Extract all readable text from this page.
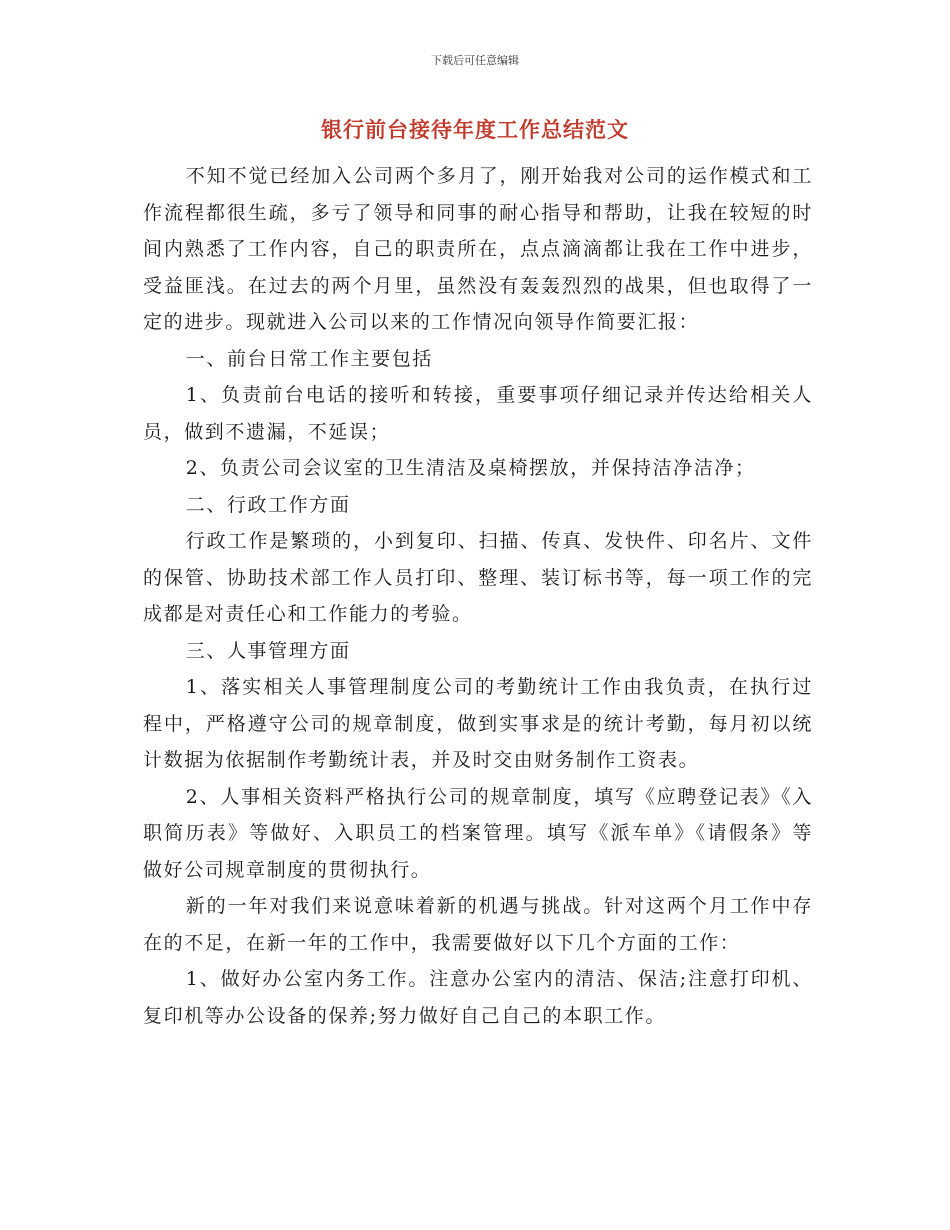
下载后可任意编辑
银行前台接待年度工作总结范文

不知不觉已经加入公司两个多月了，刚开始我对公司的运作模式和工作流程都很生疏，多亏了领导和同事的耐心指导和帮助，让我在较短的时间内熟悉了工作内容，自己的职责所在，点点滴滴都让我在工作中进步，受益匪浅。在过去的两个月里，虽然没有轰轰烈烈的战果，但也取得了一定的进步。现就进入公司以来的工作情况向领导作简要汇报：

一、前台日常工作主要包括

1、负责前台电话的接听和转接，重要事项仔细记录并传达给相关人员，做到不遗漏，不延误；

2、负责公司会议室的卫生清洁及桌椅摆放，并保持洁净洁净；

二、行政工作方面

行政工作是繁琐的，小到复印、扫描、传真、发快件、印名片、文件的保管、协助技术部工作人员打印、整理、装订标书等，每一项工作的完成都是对责任心和工作能力的考验。

三、人事管理方面

1、落实相关人事管理制度公司的考勤统计工作由我负责，在执行过程中，严格遵守公司的规章制度，做到实事求是的统计考勤，每月初以统计数据为依据制作考勤统计表，并及时交由财务制作工资表。

2、人事相关资料严格执行公司的规章制度，填写《应聘登记表》《入职简历表》等做好、入职员工的档案管理。填写《派车单》《请假条》等做好公司规章制度的贯彻执行。

新的一年对我们来说意味着新的机遇与挑战。针对这两个月工作中存在的不足，在新一年的工作中，我需要做好以下几个方面的工作：

1、做好办公室内务工作。注意办公室内的清洁、保洁;注意打印机、复印机等办公设备的保养;努力做好自己自己的本职工作。
